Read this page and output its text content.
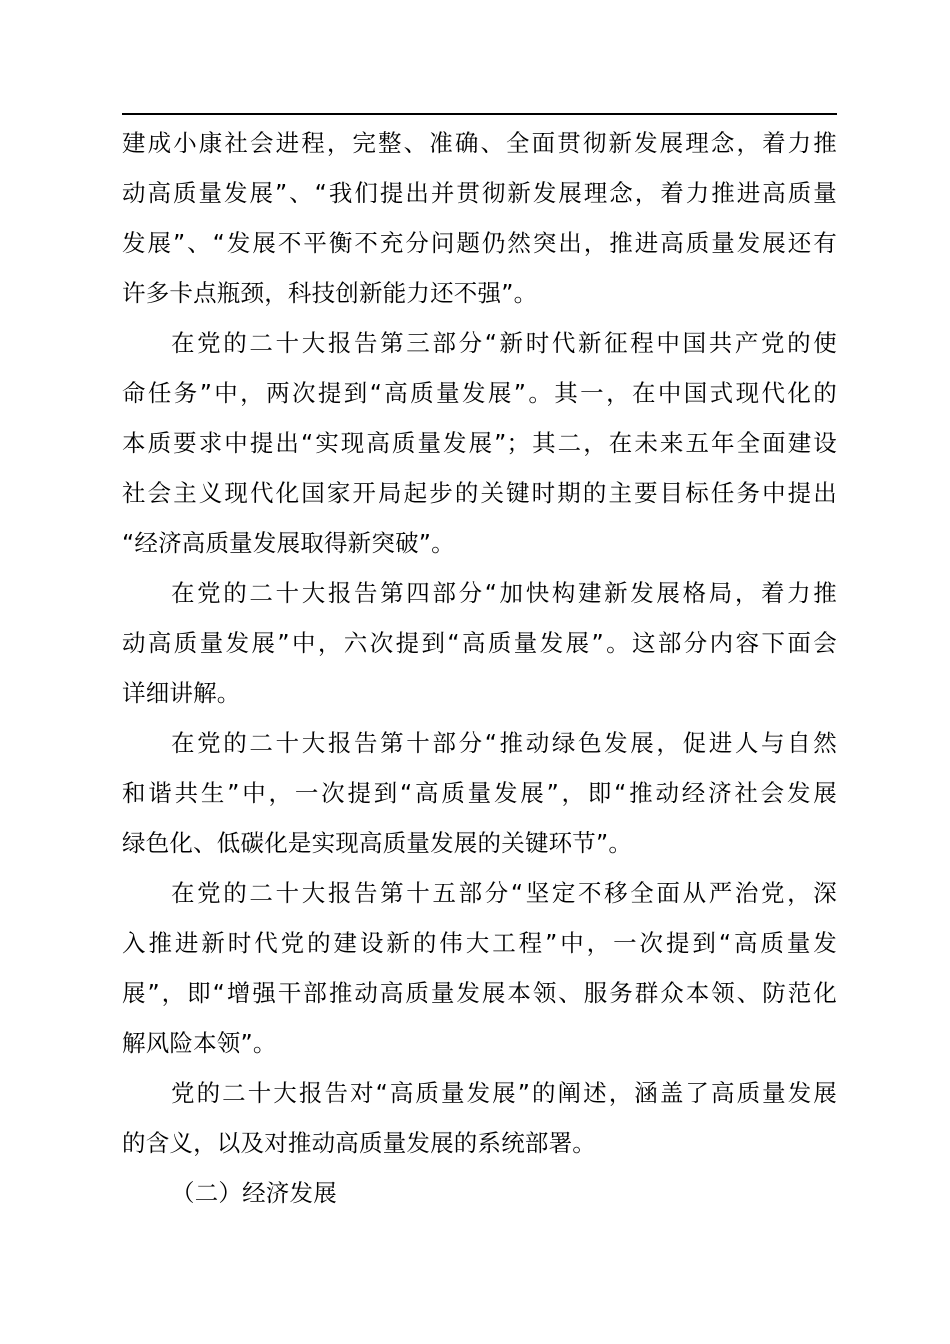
建成小康社会进程，完整、准确、全面贯彻新发展理念，着力推
动高质量发展”、“我们提出并贯彻新发展理念，着力推进高质量
发展”、“发展不平衡不充分问题仍然突出，推进高质量发展还有
许多卡点瓶颈，科技创新能力还不强”。
在党的二十大报告第三部分“新时代新征程中国共产党的使
命任务”中，两次提到“高质量发展”。其一，在中国式现代化的
本质要求中提出“实现高质量发展”；其二，在未来五年全面建设
社会主义现代化国家开局起步的关键时期的主要目标任务中提出
“经济高质量发展取得新突破”。
在党的二十大报告第四部分“加快构建新发展格局，着力推
动高质量发展”中，六次提到“高质量发展”。这部分内容下面会
详细讲解。
在党的二十大报告第十部分“推动绿色发展，促进人与自然
和谐共生”中，一次提到“高质量发展”，即“推动经济社会发展
绿色化、低碳化是实现高质量发展的关键环节”。
在党的二十大报告第十五部分“坚定不移全面从严治党，深
入推进新时代党的建设新的伟大工程”中，一次提到“高质量发
展”，即“增强干部推动高质量发展本领、服务群众本领、防范化
解风险本领”。
党的二十大报告对“高质量发展”的阐述，涵盖了高质量发展
的含义，以及对推动高质量发展的系统部署。
（二）经济发展
